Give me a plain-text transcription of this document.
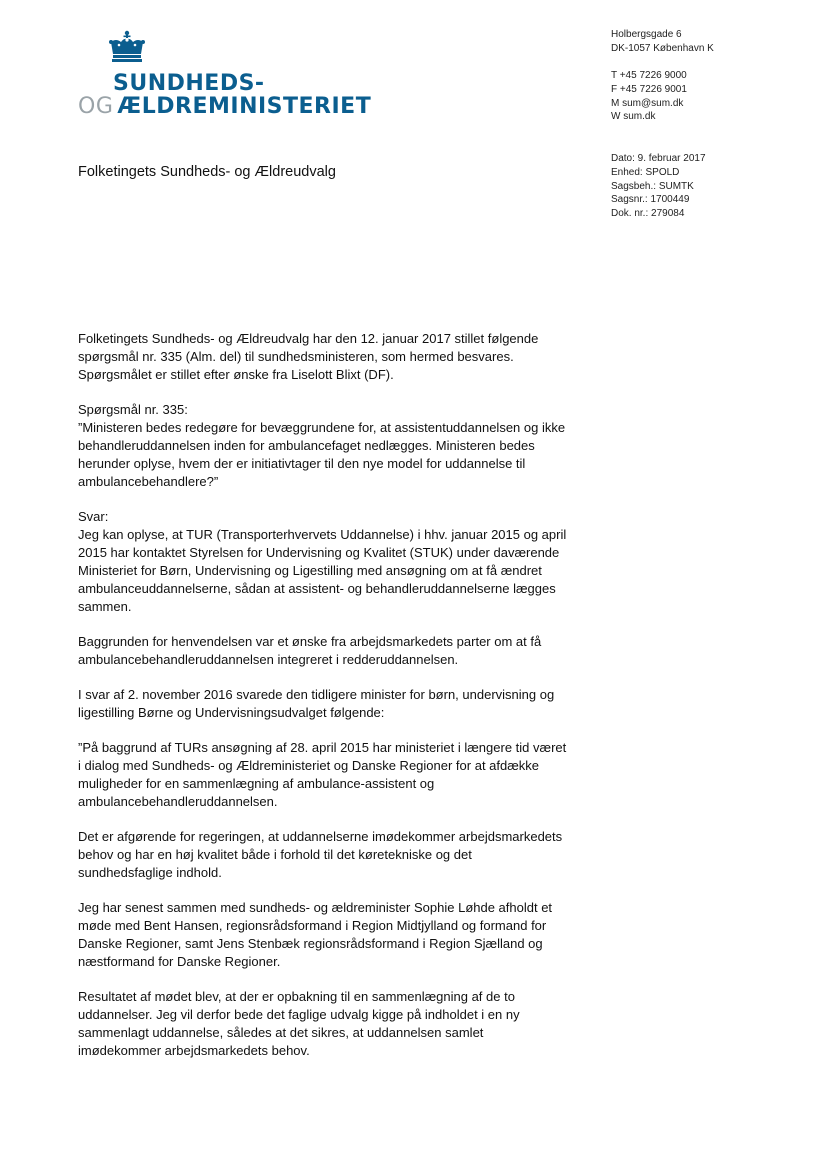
SUNDHEDS-
OG ÆLDREMINISTERIET
Holbergsgade 6
DK-1057 København K
T +45 7226 9000
F +45 7226 9001
M sum@sum.dk
W sum.dk
Dato: 9. februar 2017
Enhed: SPOLD
Sagsbeh.: SUMTK
Sagsnr.: 1700449
Dok. nr.: 279084
Folketingets Sundheds- og Ældreudvalg

Folketingets Sundheds- og Ældreudvalg har den 12. januar 2017 stillet følgende spørgsmål nr. 335 (Alm. del) til sundhedsministeren, som hermed besvares. Spørgsmålet er stillet efter ønske fra Liselott Blixt (DF).

Spørgsmål nr. 335:

”Ministeren bedes redegøre for bevæggrundene for, at assistentuddannelsen og ikke behandleruddannelsen inden for ambulancefaget nedlægges. Ministeren bedes herunder oplyse, hvem der er initiativtager til den nye model for uddannelse til ambulancebehandlere?”

Svar:

Jeg kan oplyse, at TUR (Transporterhvervets Uddannelse) i hhv. januar 2015 og april 2015 har kontaktet Styrelsen for Undervisning og Kvalitet (STUK) under daværende Ministeriet for Børn, Undervisning og Ligestilling med ansøgning om at få ændret ambulanceuddannelserne, sådan at assistent- og behandleruddannelserne lægges sammen.

Baggrunden for henvendelsen var et ønske fra arbejdsmarkedets parter om at få ambulancebehandleruddannelsen integreret i redderuddannelsen.

I svar af 2. november 2016 svarede den tidligere minister for børn, undervisning og ligestilling Børne og Undervisningsudvalget følgende:

”På baggrund af TURs ansøgning af 28. april 2015 har ministeriet i længere tid været i dialog med Sundheds- og Ældreministeriet og Danske Regioner for at afdække muligheder for en sammenlægning af ambulance-assistent og ambulancebehandleruddannelsen.

Det er afgørende for regeringen, at uddannelserne imødekommer arbejdsmarkedets behov og har en høj kvalitet både i forhold til det køretekniske og det sundhedsfaglige indhold.

Jeg har senest sammen med sundheds- og ældreminister Sophie Løhde afholdt et møde med Bent Hansen, regionsrådsformand i Region Midtjylland og formand for Danske Regioner, samt Jens Stenbæk regionsrådsformand i Region Sjælland og næstformand for Danske Regioner.

Resultatet af mødet blev, at der er opbakning til en sammenlægning af de to uddannelser. Jeg vil derfor bede det faglige udvalg kigge på indholdet i en ny sammenlagt uddannelse, således at det sikres, at uddannelsen samlet imødekommer arbejdsmarkedets behov.
